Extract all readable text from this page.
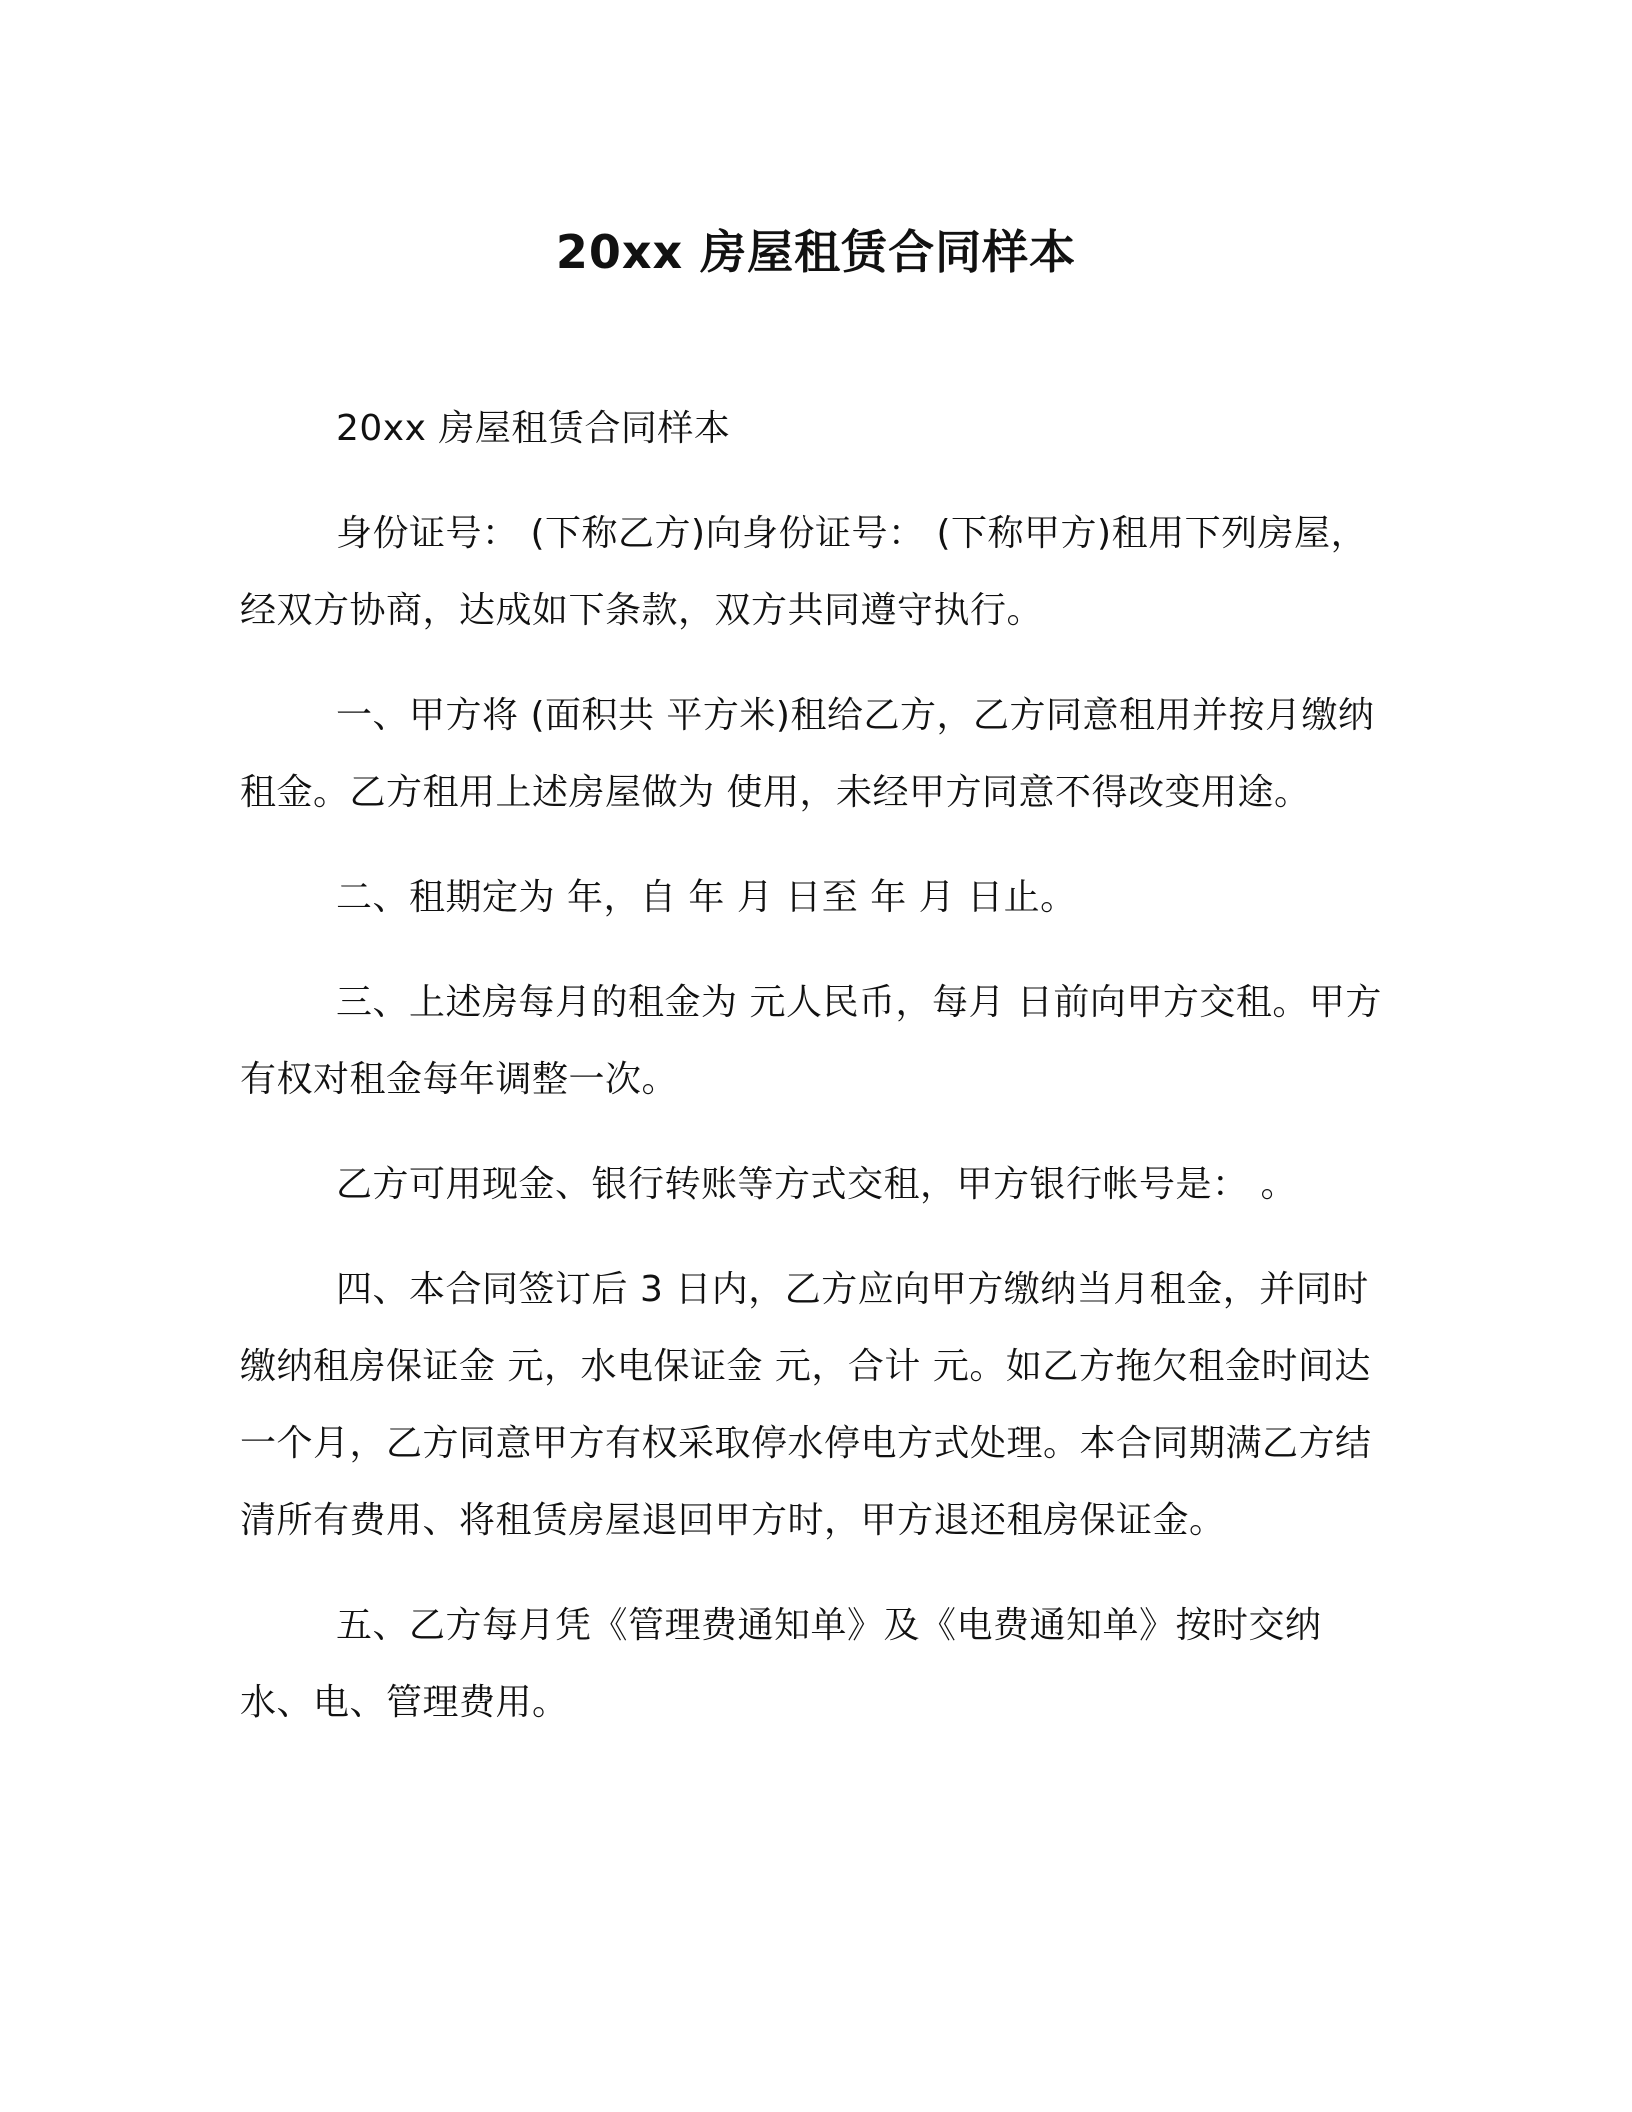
20xx 房屋租赁合同样本

20xx 房屋租赁合同样本

身份证号： (下称乙方)向身份证号： (下称甲方)租用下列房屋，经双方协商，达成如下条款，双方共同遵守执行。

一、甲方将 (面积共 平方米)租给乙方，乙方同意租用并按月缴纳租金。乙方租用上述房屋做为 使用，未经甲方同意不得改变用途。

二、租期定为 年，自 年 月 日至 年 月 日止。

三、上述房每月的租金为 元人民币，每月 日前向甲方交租。甲方有权对租金每年调整一次。

乙方可用现金、银行转账等方式交租，甲方银行帐号是： 。

四、本合同签订后 3 日内，乙方应向甲方缴纳当月租金，并同时缴纳租房保证金 元，水电保证金 元，合计 元。如乙方拖欠租金时间达一个月，乙方同意甲方有权采取停水停电方式处理。本合同期满乙方结清所有费用、将租赁房屋退回甲方时，甲方退还租房保证金。

五、乙方每月凭《管理费通知单》及《电费通知单》按时交纳水、电、管理费用。
